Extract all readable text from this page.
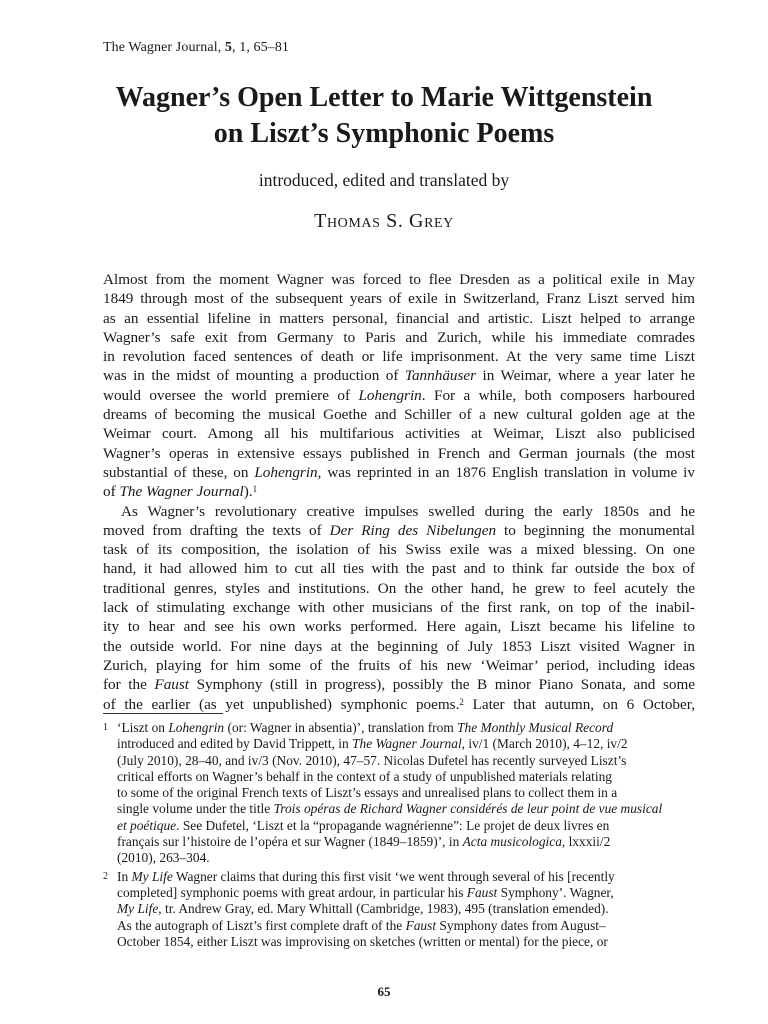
The Wagner Journal, 5, 1, 65–81
Wagner’s Open Letter to Marie Wittgenstein
on Liszt’s Symphonic Poems
introduced, edited and translated by
Thomas S. Grey

Almost from the moment Wagner was forced to flee Dresden as a political exile in May
1849 through most of the subsequent years of exile in Switzerland, Franz Liszt served him
as an essential lifeline in matters personal, financial and artistic. Liszt helped to arrange
Wagner’s safe exit from Germany to Paris and Zurich, while his immediate comrades
in revolution faced sentences of death or life imprisonment. At the very same time Liszt
was in the midst of mounting a production of Tannhäuser in Weimar, where a year later he
would oversee the world premiere of Lohengrin. For a while, both composers harboured
dreams of becoming the musical Goethe and Schiller of a new cultural golden age at the
Weimar court. Among all his multifarious activities at Weimar, Liszt also publicised
Wagner’s operas in extensive essays published in French and German journals (the most
substantial of these, on Lohengrin, was reprinted in an 1876 English translation in volume iv
of The Wagner Journal).$^1$

As Wagner’s revolutionary creative impulses swelled during the early 1850s and he
moved from drafting the texts of Der Ring des Nibelungen to beginning the monumental
task of its composition, the isolation of his Swiss exile was a mixed blessing. On one
hand, it had allowed him to cut all ties with the past and to think far outside the box of
traditional genres, styles and institutions. On the other hand, he grew to feel acutely the
lack of stimulating exchange with other musicians of the first rank, on top of the inabil-
ity to hear and see his own works performed. Here again, Liszt became his lifeline to
the outside world. For nine days at the beginning of July 1853 Liszt visited Wagner in
Zurich, playing for him some of the fruits of his new ‘Weimar’ period, including ideas
for the Faust Symphony (still in progress), possibly the B minor Piano Sonata, and some
of the earlier (as yet unpublished) symphonic poems.$^2$ Later that autumn, on 6 October,

1 ‘Liszt on Lohengrin (or: Wagner in absentia)’, translation from The Monthly Musical Record
introduced and edited by David Trippett, in The Wagner Journal, iv/1 (March 2010), 4–12, iv/2
(July 2010), 28–40, and iv/3 (Nov. 2010), 47–57. Nicolas Dufetel has recently surveyed Liszt’s
critical efforts on Wagner’s behalf in the context of a study of unpublished materials relating
to some of the original French texts of Liszt’s essays and unrealised plans to collect them in a
single volume under the title Trois opéras de Richard Wagner considérés de leur point de vue musical
et poétique. See Dufetel, ‘Liszt et la “propagande wagnérienne”: Le projet de deux livres en
français sur l’histoire de l’opéra et sur Wagner (1849–1859)’, in Acta musicologica, lxxxii/2
(2010), 263–304.
2 In My Life Wagner claims that during this first visit ‘we went through several of his [recently
completed] symphonic poems with great ardour, in particular his Faust Symphony’. Wagner,
My Life, tr. Andrew Gray, ed. Mary Whittall (Cambridge, 1983), 495 (translation emended).
As the autograph of Liszt’s first complete draft of the Faust Symphony dates from August–
October 1854, either Liszt was improvising on sketches (written or mental) for the piece, or
65
